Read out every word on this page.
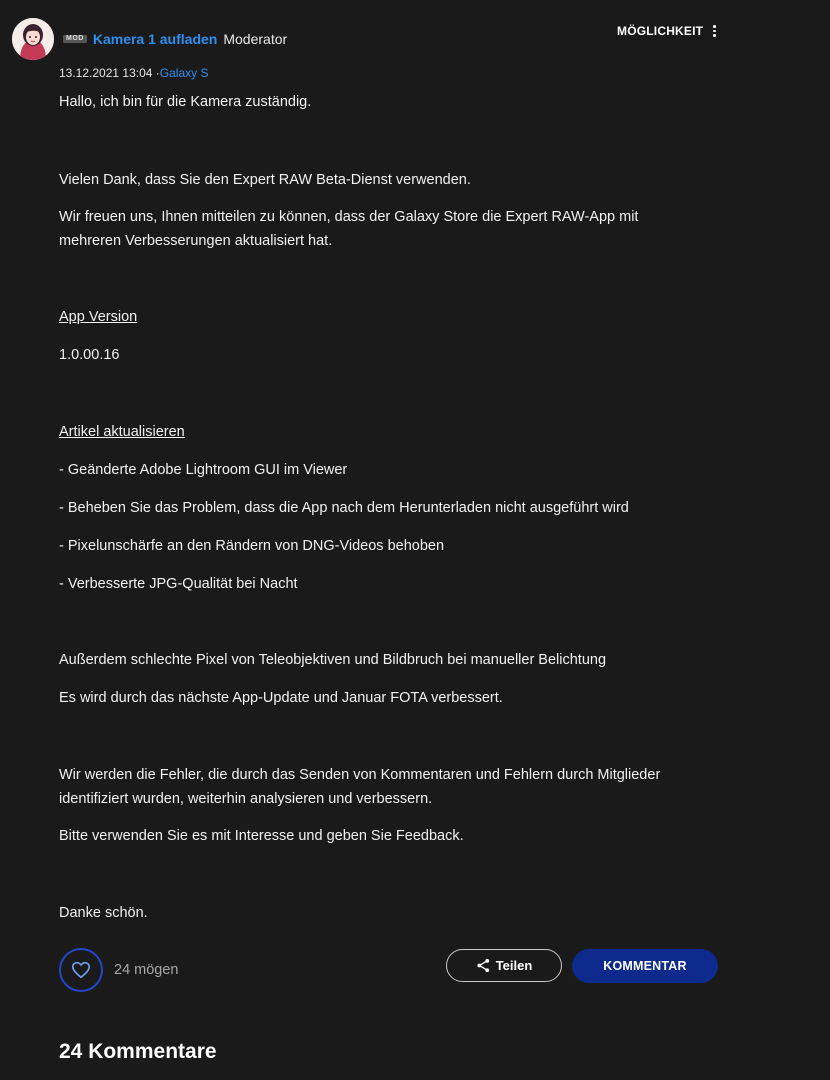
MOD Kamera 1 aufladen Moderator	MÖGLICHKEIT
13.12.2021 13:04 ·Galaxy S

Hallo, ich bin für die Kamera zuständig.

Vielen Dank, dass Sie den Expert RAW Beta-Dienst verwenden.

Wir freuen uns, Ihnen mitteilen zu können, dass der Galaxy Store die Expert RAW-App mit mehreren Verbesserungen aktualisiert hat.

App Version

1.0.00.16

Artikel aktualisieren

- Geänderte Adobe Lightroom GUI im Viewer

- Beheben Sie das Problem, dass die App nach dem Herunterladen nicht ausgeführt wird

- Pixelunschärfe an den Rändern von DNG-Videos behoben

- Verbesserte JPG-Qualität bei Nacht

Außerdem schlechte Pixel von Teleobjektiven und Bildbruch bei manueller Belichtung

Es wird durch das nächste App-Update und Januar FOTA verbessert.

Wir werden die Fehler, die durch das Senden von Kommentaren und Fehlern durch Mitglieder identifiziert wurden, weiterhin analysieren und verbessern.

Bitte verwenden Sie es mit Interesse und geben Sie Feedback.

Danke schön.

24 mögen	Teilen	KOMMENTAR
24 Kommentare
